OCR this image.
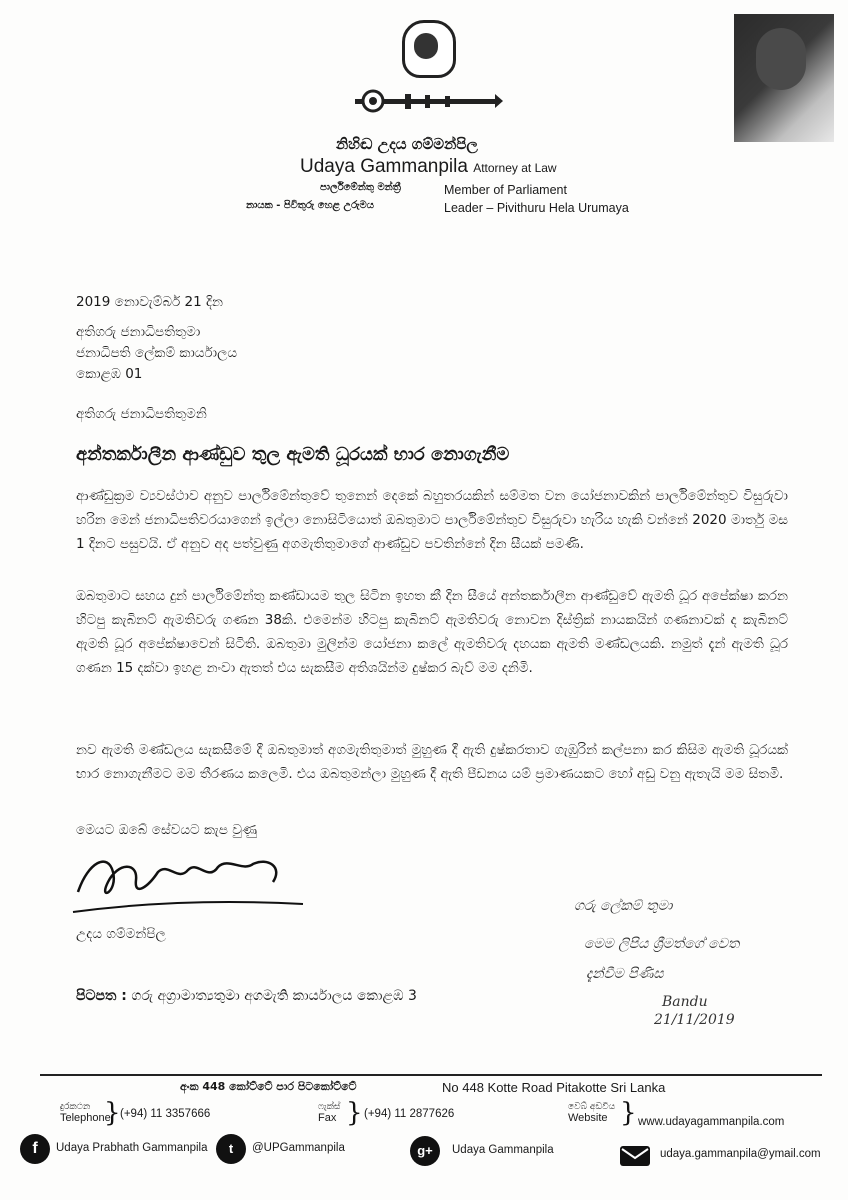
නිහිඬ උදය ගම්මන්පිල
Udaya Gammanpila Attorney at Law
පාර්ලිමේන්තු මන්ත්‍රී
නායක - පිවිතුරු හෙළ උරුමය
Member of Parliament
Leader – Pivithuru Hela Urumaya
2019 නොවැම්බර් 21 දින
අතිගරු ජනාධිපතිතුමා
ජනාධිපති ලේකම් කාර්යාලය
කොළඹ 01
අතිගරු ජනාධිපතිතුමනි
අන්තර්කාලීන ආණ්ඩුව තුල ඇමති ධූරයක් භාර නොගැනීම
ආණ්ඩුක්‍රම ව්‍යවස්ථාව අනුව පාර්ලිමේන්තුවේ තුනෙන් දෙකේ බහුතරයකින් සම්මත වන යෝජනාවකින් පාර්ලිමේන්තුව විසුරුවා හරින මෙන් ජනාධිපතිවරයාගෙන් ඉල්ලා නොසිටියොත් ඔබතුමාට පාර්ලිමේන්තුව විසුරුවා හැරිය හැකි වන්නේ 2020 මාර්තු මස 1 දිනට පසුවයි. ඒ අනුව අද පත්වුණු අගමැතිතුමාගේ ආණ්ඩුව පවතින්නේ දින සීයක් පමණි.
ඔබතුමාට සහය දුන් පාර්ලිමේන්තු කණ්ඩායම තුල සිටින ඉහත කී දින සීයේ අන්තර්කාලීන ආණ්ඩුවේ ඇමති ධූර අපේක්ෂා කරන හිටපු කැබිනට් ඇමතිවරු ගණන 38කි. එමෙන්ම හිටපු කැබිනට් ඇමතිවරු නොවන දිස්ත්‍රික් නායකයින් ගණනාවක් ද කැබිනට් ඇමති ධූර අපේක්ෂාවෙන් සිටිති. ඔබතුමා මුලින්ම යෝජනා කලේ ඇමතිවරු දහයක ඇමති මණ්ඩලයකි. නමුත් දැන් ඇමති ධූර ගණන 15 දක්වා ඉහළ නංවා ඇතත් එය සැකසීම අතිශයින්ම දුෂ්කර බැව් මම දනිමි.
නව ඇමති මණ්ඩලය සැකසීමේ දී ඔබතුමාත් අගමැතිතුමාත් මුහුණ දී ඇති දුෂ්කරතාව ගැඹුරින් කල්පනා කර කිසිම ඇමති ධූරයක් භාර නොගැනීමට මම තීරණය කලෙමි. එය ඔබතුමන්ලා මුහුණ දී ඇති පීඩනය යම් ප්‍රමාණයකට හෝ අඩු වනු ඇතැයි මම සිතමි.
මෙයට ඔබේ සේවයට කැප වුණු
උදය ගම්මන්පිල
පිටපත : ගරු අග්‍රාමාත්‍යතුමා අගමැති කාර්යාලය කොළඹ 3
ගරු ලේකම් තුමා
මෙම ලිපිය ශ්‍රීමත්‍ගේ වෙත
දැන්වීම පිණිස
Bandu
21/11/2019
අංක 448 කෝට්ටේ පාර පිටකෝට්ටේ	No 448 Kotte Road Pitakotte Sri Lanka
දුරකථන
Telephone
} (+94) 11 3357666
ෆැක්ස්
Fax } (+94) 11 2877626
වෙබ් අඩවිය
Website } www.udayagammanpila.com
f	Udaya Prabhath Gammanpila	t	@UPGammanpila	g+	Udaya Gammanpila	udaya.gammanpila@ymail.com
